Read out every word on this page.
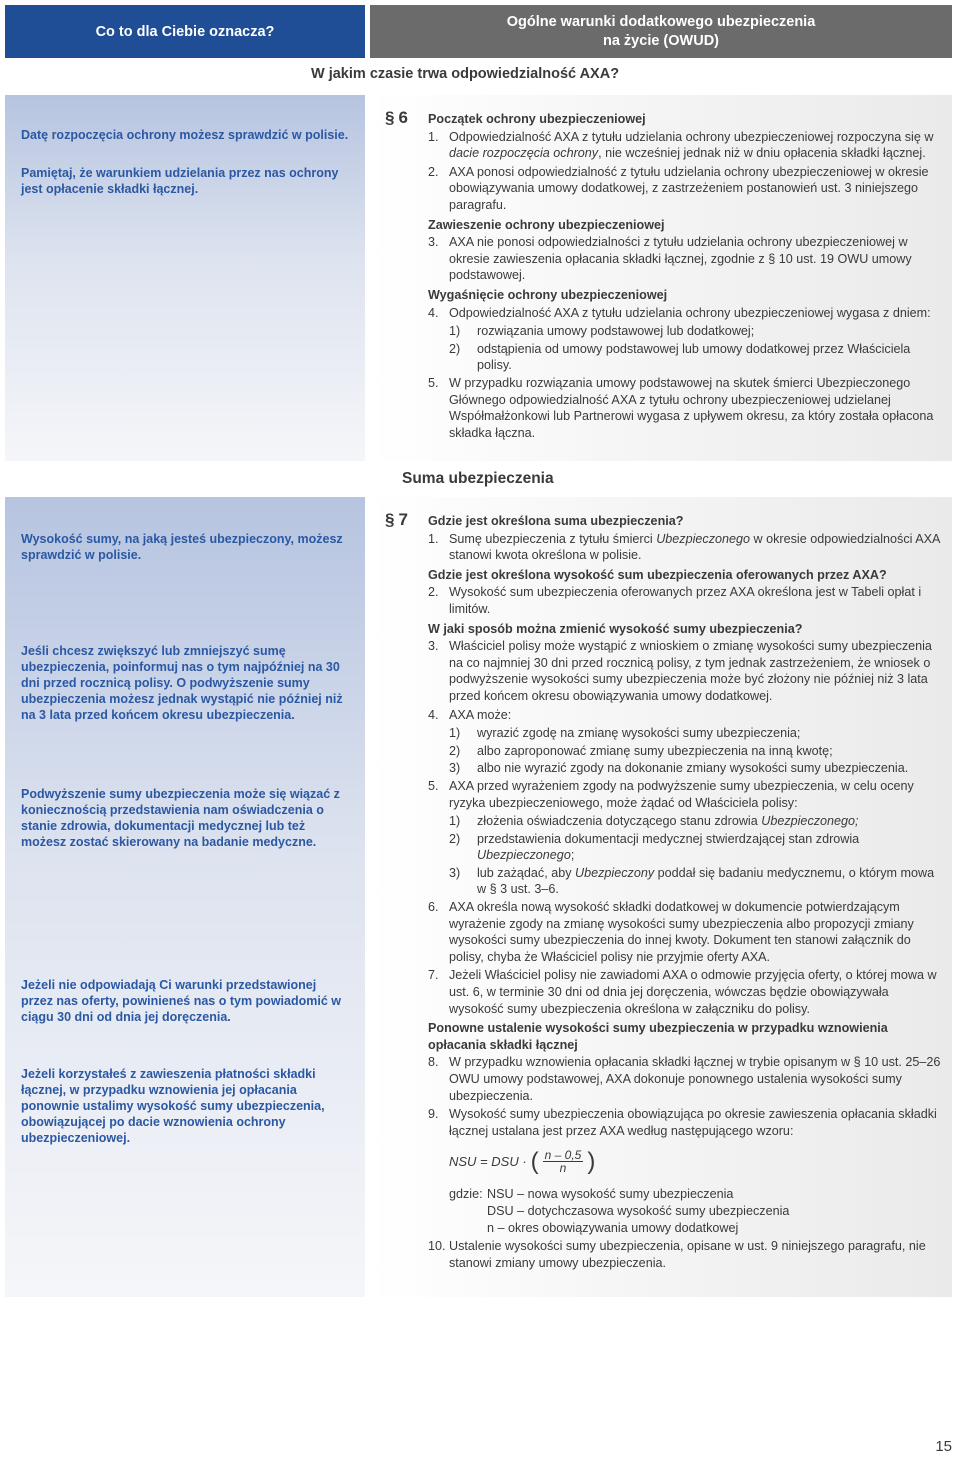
Co to dla Ciebie oznacza?
Ogólne warunki dodatkowego ubezpieczenia
na życie (OWUD)
W jakim czasie trwa odpowiedzialność AXA?
Datę rozpoczęcia ochrony możesz sprawdzić w polisie.
Pamiętaj, że warunkiem udzielania przez nas ochrony jest opłacenie składki łącznej.
§ 6 Początek ochrony ubezpieczeniowej
1. Odpowiedzialność AXA z tytułu udzielania ochrony ubezpieczeniowej rozpoczyna się w dacie rozpoczęcia ochrony, nie wcześniej jednak niż w dniu opłacenia składki łącznej.
2. AXA ponosi odpowiedzialność z tytułu udzielania ochrony ubezpieczeniowej w okresie obowiązywania umowy dodatkowej, z zastrzeżeniem postanowień ust. 3 niniejszego paragrafu.
Zawieszenie ochrony ubezpieczeniowej
3. AXA nie ponosi odpowiedzialności z tytułu udzielania ochrony ubezpieczeniowej w okresie zawieszenia opłacania składki łącznej, zgodnie z § 10 ust. 19 OWU umowy podstawowej.
Wygaśnięcie ochrony ubezpieczeniowej
4. Odpowiedzialność AXA z tytułu udzielania ochrony ubezpieczeniowej wygasa z dniem:
1) rozwiązania umowy podstawowej lub dodatkowej;
2) odstąpienia od umowy podstawowej lub umowy dodatkowej przez Właściciela polisy.
5. W przypadku rozwiązania umowy podstawowej na skutek śmierci Ubezpieczonego Głównego odpowiedzialność AXA z tytułu ochrony ubezpieczeniowej udzielanej Współmałżonkowi lub Partnerowi wygasa z upływem okresu, za który została opłacona składka łączna.
Suma ubezpieczenia
Wysokość sumy, na jaką jesteś ubezpieczony, możesz sprawdzić w polisie.
Jeśli chcesz zwiększyć lub zmniejszyć sumę ubezpieczenia, poinformuj nas o tym najpóźniej na 30 dni przed rocznicą polisy. O podwyższenie sumy ubezpieczenia możesz jednak wystąpić nie później niż na 3 lata przed końcem okresu ubezpieczenia.
Podwyższenie sumy ubezpieczenia może się wiązać z koniecznością przedstawienia nam oświadczenia o stanie zdrowia, dokumentacji medycznej lub też możesz zostać skierowany na badanie medyczne.
Jeżeli nie odpowiadają Ci warunki przedstawionej przez nas oferty, powinieneś nas o tym powiadomić w ciągu 30 dni od dnia jej doręczenia.
Jeżeli korzystałeś z zawieszenia płatności składki łącznej, w przypadku wznowienia jej opłacania ponownie ustalimy wysokość sumy ubezpieczenia, obowiązującej po dacie wznowienia ochrony ubezpieczeniowej.
§ 7 Gdzie jest określona suma ubezpieczenia?
1. Sumę ubezpieczenia z tytułu śmierci Ubezpieczonego w okresie odpowiedzialności AXA stanowi kwota określona w polisie.
Gdzie jest określona wysokość sum ubezpieczenia oferowanych przez AXA?
2. Wysokość sum ubezpieczenia oferowanych przez AXA określona jest w Tabeli opłat i limitów.
W jaki sposób można zmienić wysokość sumy ubezpieczenia?
3. Właściciel polisy może wystąpić z wnioskiem o zmianę wysokości sumy ubezpieczenia na co najmniej 30 dni przed rocznicą polisy, z tym jednak zastrzeżeniem, że wniosek o podwyższenie wysokości sumy ubezpieczenia może być złożony nie później niż 3 lata przed końcem okresu obowiązywania umowy dodatkowej.
4. AXA może:
1) wyrazić zgodę na zmianę wysokości sumy ubezpieczenia;
2) albo zaproponować zmianę sumy ubezpieczenia na inną kwotę;
3) albo nie wyrazić zgody na dokonanie zmiany wysokości sumy ubezpieczenia.
5. AXA przed wyrażeniem zgody na podwyższenie sumy ubezpieczenia, w celu oceny ryzyka ubezpieczeniowego, może żądać od Właściciela polisy:
1) złożenia oświadczenia dotyczącego stanu zdrowia Ubezpieczonego;
2) przedstawienia dokumentacji medycznej stwierdzającej stan zdrowia Ubezpieczonego;
3) lub zażądać, aby Ubezpieczony poddał się badaniu medycznemu, o którym mowa w § 3 ust. 3–6.
6. AXA określa nową wysokość składki dodatkowej w dokumencie potwierdzającym wyrażenie zgody na zmianę wysokości sumy ubezpieczenia albo propozycji zmiany wysokości sumy ubezpieczenia do innej kwoty. Dokument ten stanowi załącznik do polisy, chyba że Właściciel polisy nie przyjmie oferty AXA.
7. Jeżeli Właściciel polisy nie zawiadomi AXA o odmowie przyjęcia oferty, o której mowa w ust. 6, w terminie 30 dni od dnia jej doręczenia, wówczas będzie obowiązywała wysokość sumy ubezpieczenia określona w załączniku do polisy.
Ponowne ustalenie wysokości sumy ubezpieczenia w przypadku wznowienia opłacania składki łącznej
8. W przypadku wznowienia opłacania składki łącznej w trybie opisanym w § 10 ust. 25–26 OWU umowy podstawowej, AXA dokonuje ponownego ustalenia wysokości sumy ubezpieczenia.
9. Wysokość sumy ubezpieczenia obowiązująca po okresie zawieszenia opłacania składki łącznej ustalana jest przez AXA według następującego wzoru:
NSU = DSU · ( $\frac{n - 0,5}{n}$ )
gdzie: NSU – nowa wysokość sumy ubezpieczenia
DSU – dotychczasowa wysokość sumy ubezpieczenia
n – okres obowiązywania umowy dodatkowej
10. Ustalenie wysokości sumy ubezpieczenia, opisane w ust. 9 niniejszego paragrafu, nie stanowi zmiany umowy ubezpieczenia.
15
